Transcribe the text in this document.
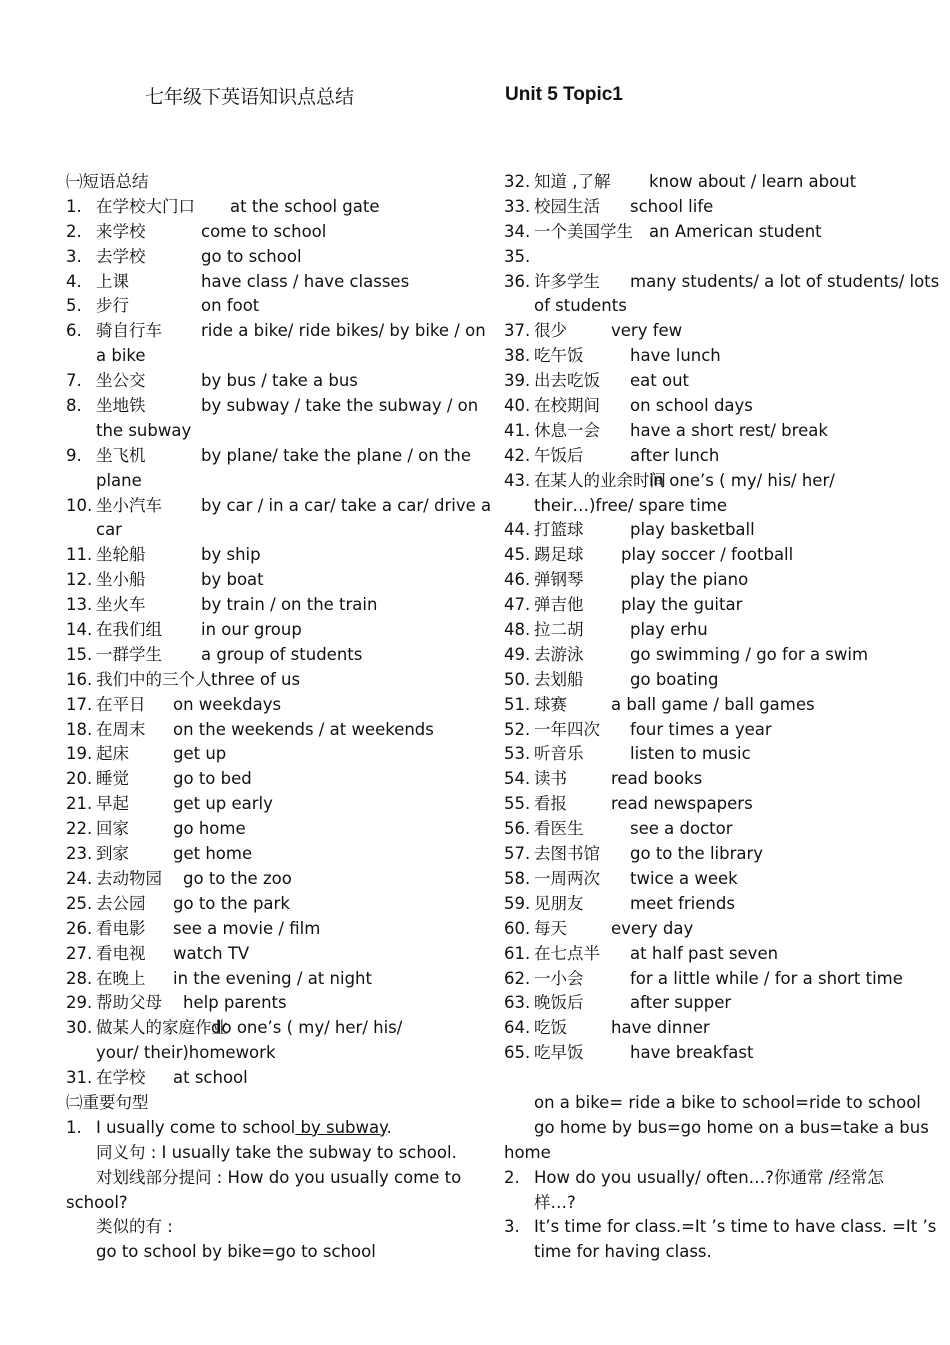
七年级下英语知识点总结	Unit 5 Topic1
㈠短语总结
1. 在学校大门口 at the school gate
2. 来学校	come to school
3. 去学校	go to school
4. 上课	have class / have classes
5. 步行	on foot
6. 骑自行车 ride a bike/ ride bikes/ by bike / on
a bike
7. 坐公交	by bus / take a bus
8. 坐地铁	by subway / take the subway / on
the subway
9. 坐飞机	by plane/ take the plane / on the
plane
10. 坐小汽车 by car / in a car/ take a car/ drive a
car
11. 坐轮船	by ship
12. 坐小船	by boat
13. 坐火车	by train / on the train
14. 在我们组 in our group
15. 一群学生 a group of students
16. 我们中的三个人three of us
17. 在平日 on weekdays
18. 在周末 on the weekends / at weekends
19. 起床	get up
20. 睡觉	go to bed
21. 早起	get up early
22. 回家	go home
23. 到家	get home
24. 去动物园 go to the zoo
25. 去公园 go to the park
26. 看电影 see a movie / film
27. 看电视 watch TV
28. 在晚上 in the evening / at night
29. 帮助父母 help parents
30. 做某人的家庭作业do one’s ( my/ her/ his/
your/ their)homework
31. 在学校 at school
㈡重要句型
1. I usually come to school by subway.
同义句 : I usually take the subway to school.
对划线部分提问 : How do you usually come to
school?
类似的有 :
go to school by bike=go to school
32. 知道 ,了解 know about / learn about
33. 校园生活 school life
34. 一个美国学生 an American student
35.
36. 许多学生 many students/ a lot of students/ lots
of students
37. 很少	very few
38. 吃午饭	have lunch
39. 出去吃饭 eat out
40. 在校期间 on school days
41. 休息一会 have a short rest/ break
42. 午饭后	after lunch
43. 在某人的业余时间in one’s ( my/ his/ her/
their…)free/ spare time
44. 打篮球	play basketball
45. 踢足球 play soccer / football
46. 弹钢琴	play the piano
47. 弹吉他 play the guitar
48. 拉二胡	play erhu
49. 去游泳	go swimming / go for a swim
50. 去划船	go boating
51. 球赛	a ball game / ball games
52. 一年四次 four times a year
53. 听音乐	listen to music
54. 读书	read books
55. 看报	read newspapers
56. 看医生	see a doctor
57. 去图书馆 go to the library
58. 一周两次 twice a week
59. 见朋友	meet friends
60. 每天	every day
61. 在七点半 at half past seven
62. 一小会	for a little while / for a short time
63. 晚饭后	after supper
64. 吃饭	have dinner
65. 吃早饭	have breakfast
on a bike= ride a bike to school=ride to school
go home by bus=go home on a bus=take a bus
home
2. How do you usually/ often…?你通常 /经常怎
样…?
3. It’s time for class.=It ’s time to have class. =It ’s
time for having class.
